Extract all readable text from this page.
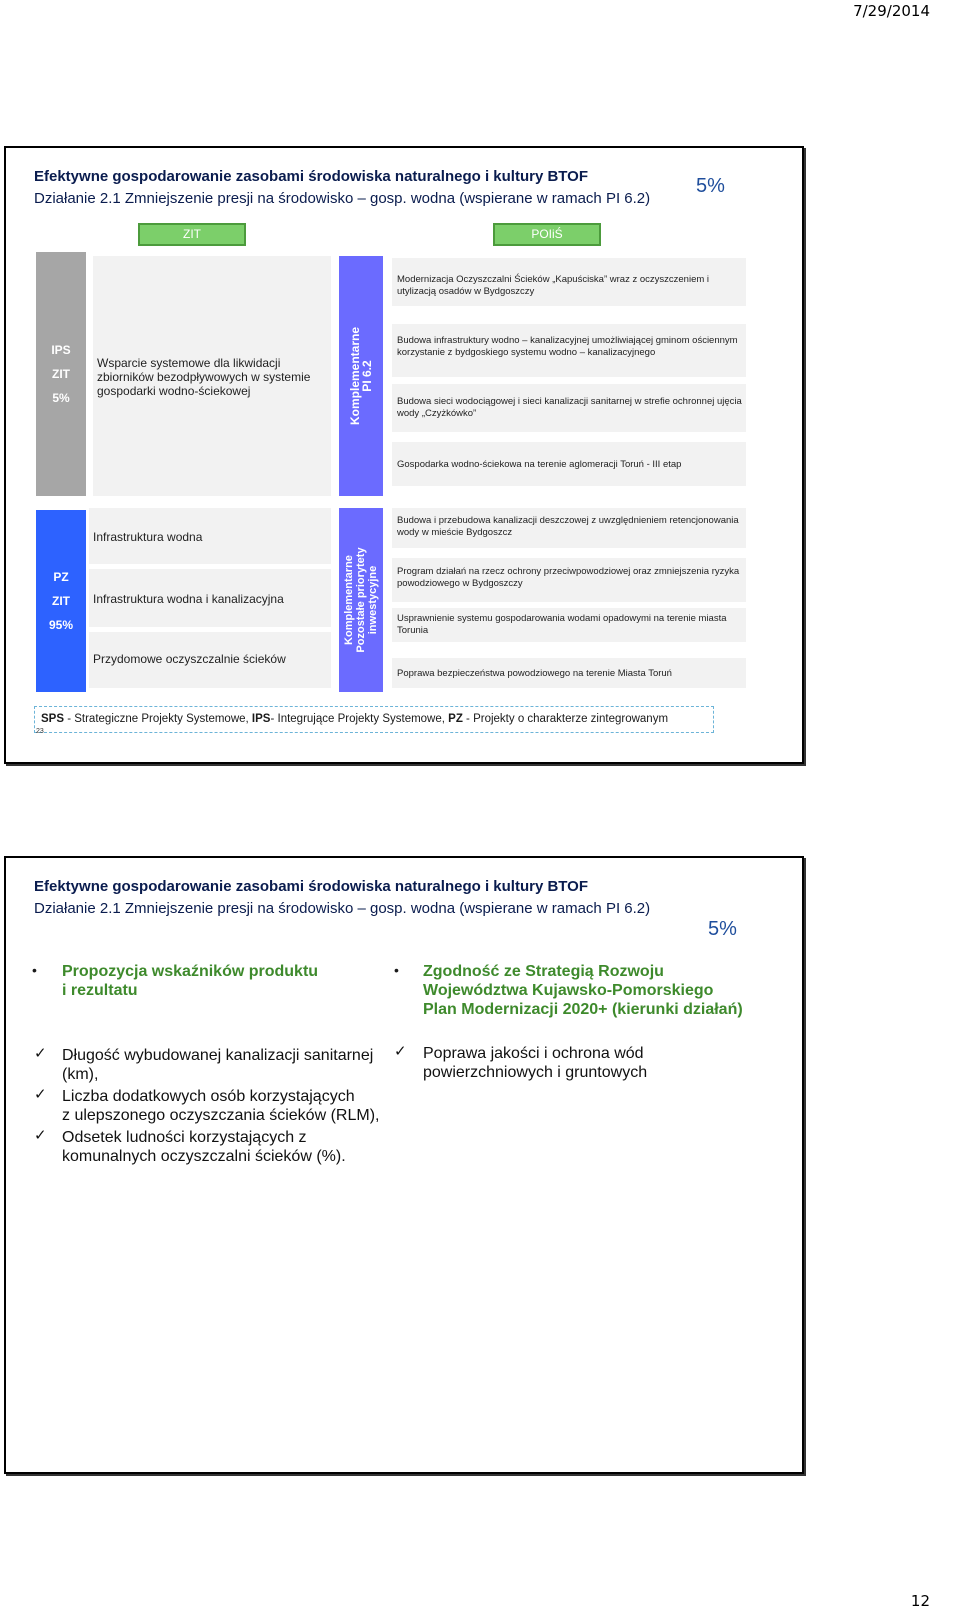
7/29/2014
Efektywne gospodarowanie zasobami środowiska naturalnego i kultury BTOF
Działanie 2.1 Zmniejszenie presji na środowisko – gosp. wodna (wspierane w ramach PI 6.2)
5%
ZIT	POIiŚ
IPS
ZIT
5%
Wsparcie systemowe dla likwidacji zbiorników bezodpływowych w systemie gospodarki wodno-ściekowej	Komplementarne
PI 6.2
Modernizacja Oczyszczalni Ścieków „Kapuściska” wraz z oczyszczeniem i utylizacją osadów w Bydgoszczy
Budowa infrastruktury wodno – kanalizacyjnej umożliwiającej gminom ościennym korzystanie z bydgoskiego systemu wodno – kanalizacyjnego
Budowa sieci wodociągowej i sieci kanalizacji sanitarnej w strefie ochronnej ujęcia wody „Czyżkówko”
Gospodarka wodno-ściekowa na terenie aglomeracji Toruń - III etap
PZ
ZIT
95%
Infrastruktura wodna
Infrastruktura wodna i kanalizacyjna
Przydomowe oczyszczalnie ścieków
Komplementarne Pozostałe priorytety inwestycyjne
Budowa i przebudowa kanalizacji deszczowej z uwzględnieniem retencjonowania wody w mieście Bydgoszcz
Program działań na rzecz ochrony przeciwpowodziowej oraz zmniejszenia ryzyka powodziowego w Bydgoszczy
Usprawnienie systemu gospodarowania wodami opadowymi na terenie miasta Torunia
Poprawa bezpieczeństwa powodziowego na terenie Miasta Toruń
SPS - Strategiczne Projekty Systemowe, IPS- Integrujące Projekty Systemowe, PZ - Projekty o charakterze zintegrowanym
23
Efektywne gospodarowanie zasobami środowiska naturalnego i kultury BTOF
Działanie 2.1 Zmniejszenie presji na środowisko – gosp. wodna (wspierane w ramach PI 6.2)
5%
• Propozycja wskaźników produktu
i rezultatu
✓ Długość wybudowanej kanalizacji sanitarnej
(km),
✓ Liczba dodatkowych osób korzystających
z ulepszonego oczyszczania ścieków (RLM),
✓ Odsetek ludności korzystających z
komunalnych oczyszczalni ścieków (%).
• Zgodność ze Strategią Rozwoju
Województwa Kujawsko-Pomorskiego
Plan Modernizacji 2020+ (kierunki działań)
✓ Poprawa jakości i ochrona wód
powierzchniowych i gruntowych
12
